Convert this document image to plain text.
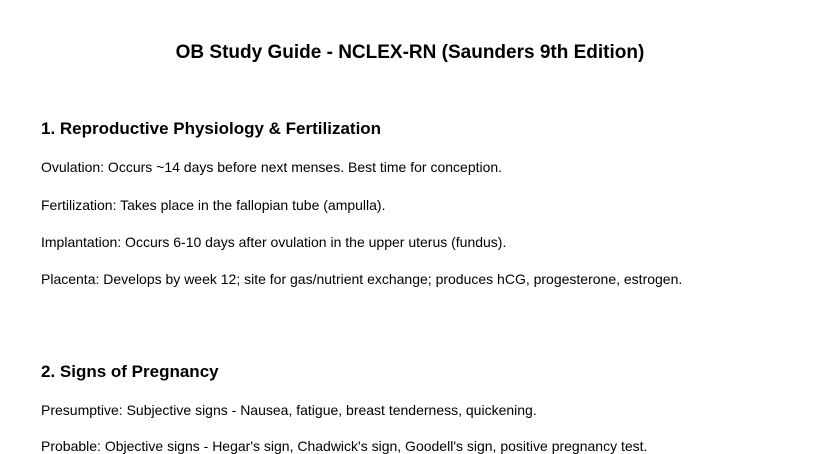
OB Study Guide - NCLEX-RN (Saunders 9th Edition)
1. Reproductive Physiology & Fertilization

Ovulation: Occurs ~14 days before next menses. Best time for conception.

Fertilization: Takes place in the fallopian tube (ampulla).

Implantation: Occurs 6-10 days after ovulation in the upper uterus (fundus).

Placenta: Develops by week 12; site for gas/nutrient exchange; produces hCG, progesterone, estrogen.

2. Signs of Pregnancy

Presumptive: Subjective signs - Nausea, fatigue, breast tenderness, quickening.

Probable: Objective signs - Hegar's sign, Chadwick's sign, Goodell's sign, positive pregnancy test.
